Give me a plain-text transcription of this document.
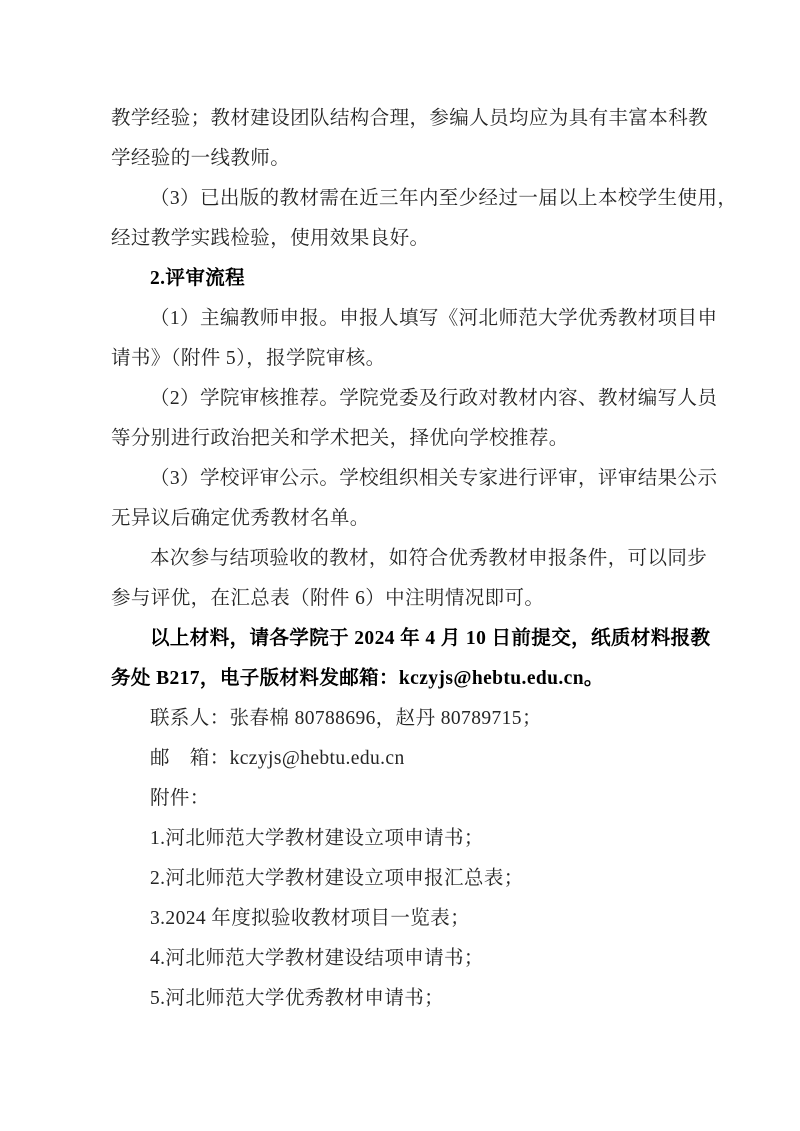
教学经验；教材建设团队结构合理，参编人员均应为具有丰富本科教
学经验的一线教师。
（3）已出版的教材需在近三年内至少经过一届以上本校学生使用，
经过教学实践检验，使用效果良好。
2.评审流程
（1）主编教师申报。申报人填写《河北师范大学优秀教材项目申
请书》（附件 5），报学院审核。
（2）学院审核推荐。学院党委及行政对教材内容、教材编写人员
等分别进行政治把关和学术把关，择优向学校推荐。
（3）学校评审公示。学校组织相关专家进行评审，评审结果公示
无异议后确定优秀教材名单。
本次参与结项验收的教材，如符合优秀教材申报条件，可以同步
参与评优，在汇总表（附件 6）中注明情况即可。
以上材料，请各学院于 2024 年 4 月 10 日前提交，纸质材料报教
务处 B217，电子版材料发邮箱：kczyjs@hebtu.edu.cn。
联系人：张春棉 80788696，赵丹 80789715；
邮　箱：kczyjs@hebtu.edu.cn
附件：
1.河北师范大学教材建设立项申请书；
2.河北师范大学教材建设立项申报汇总表；
3.2024 年度拟验收教材项目一览表；
4.河北师范大学教材建设结项申请书；
5.河北师范大学优秀教材申请书；
